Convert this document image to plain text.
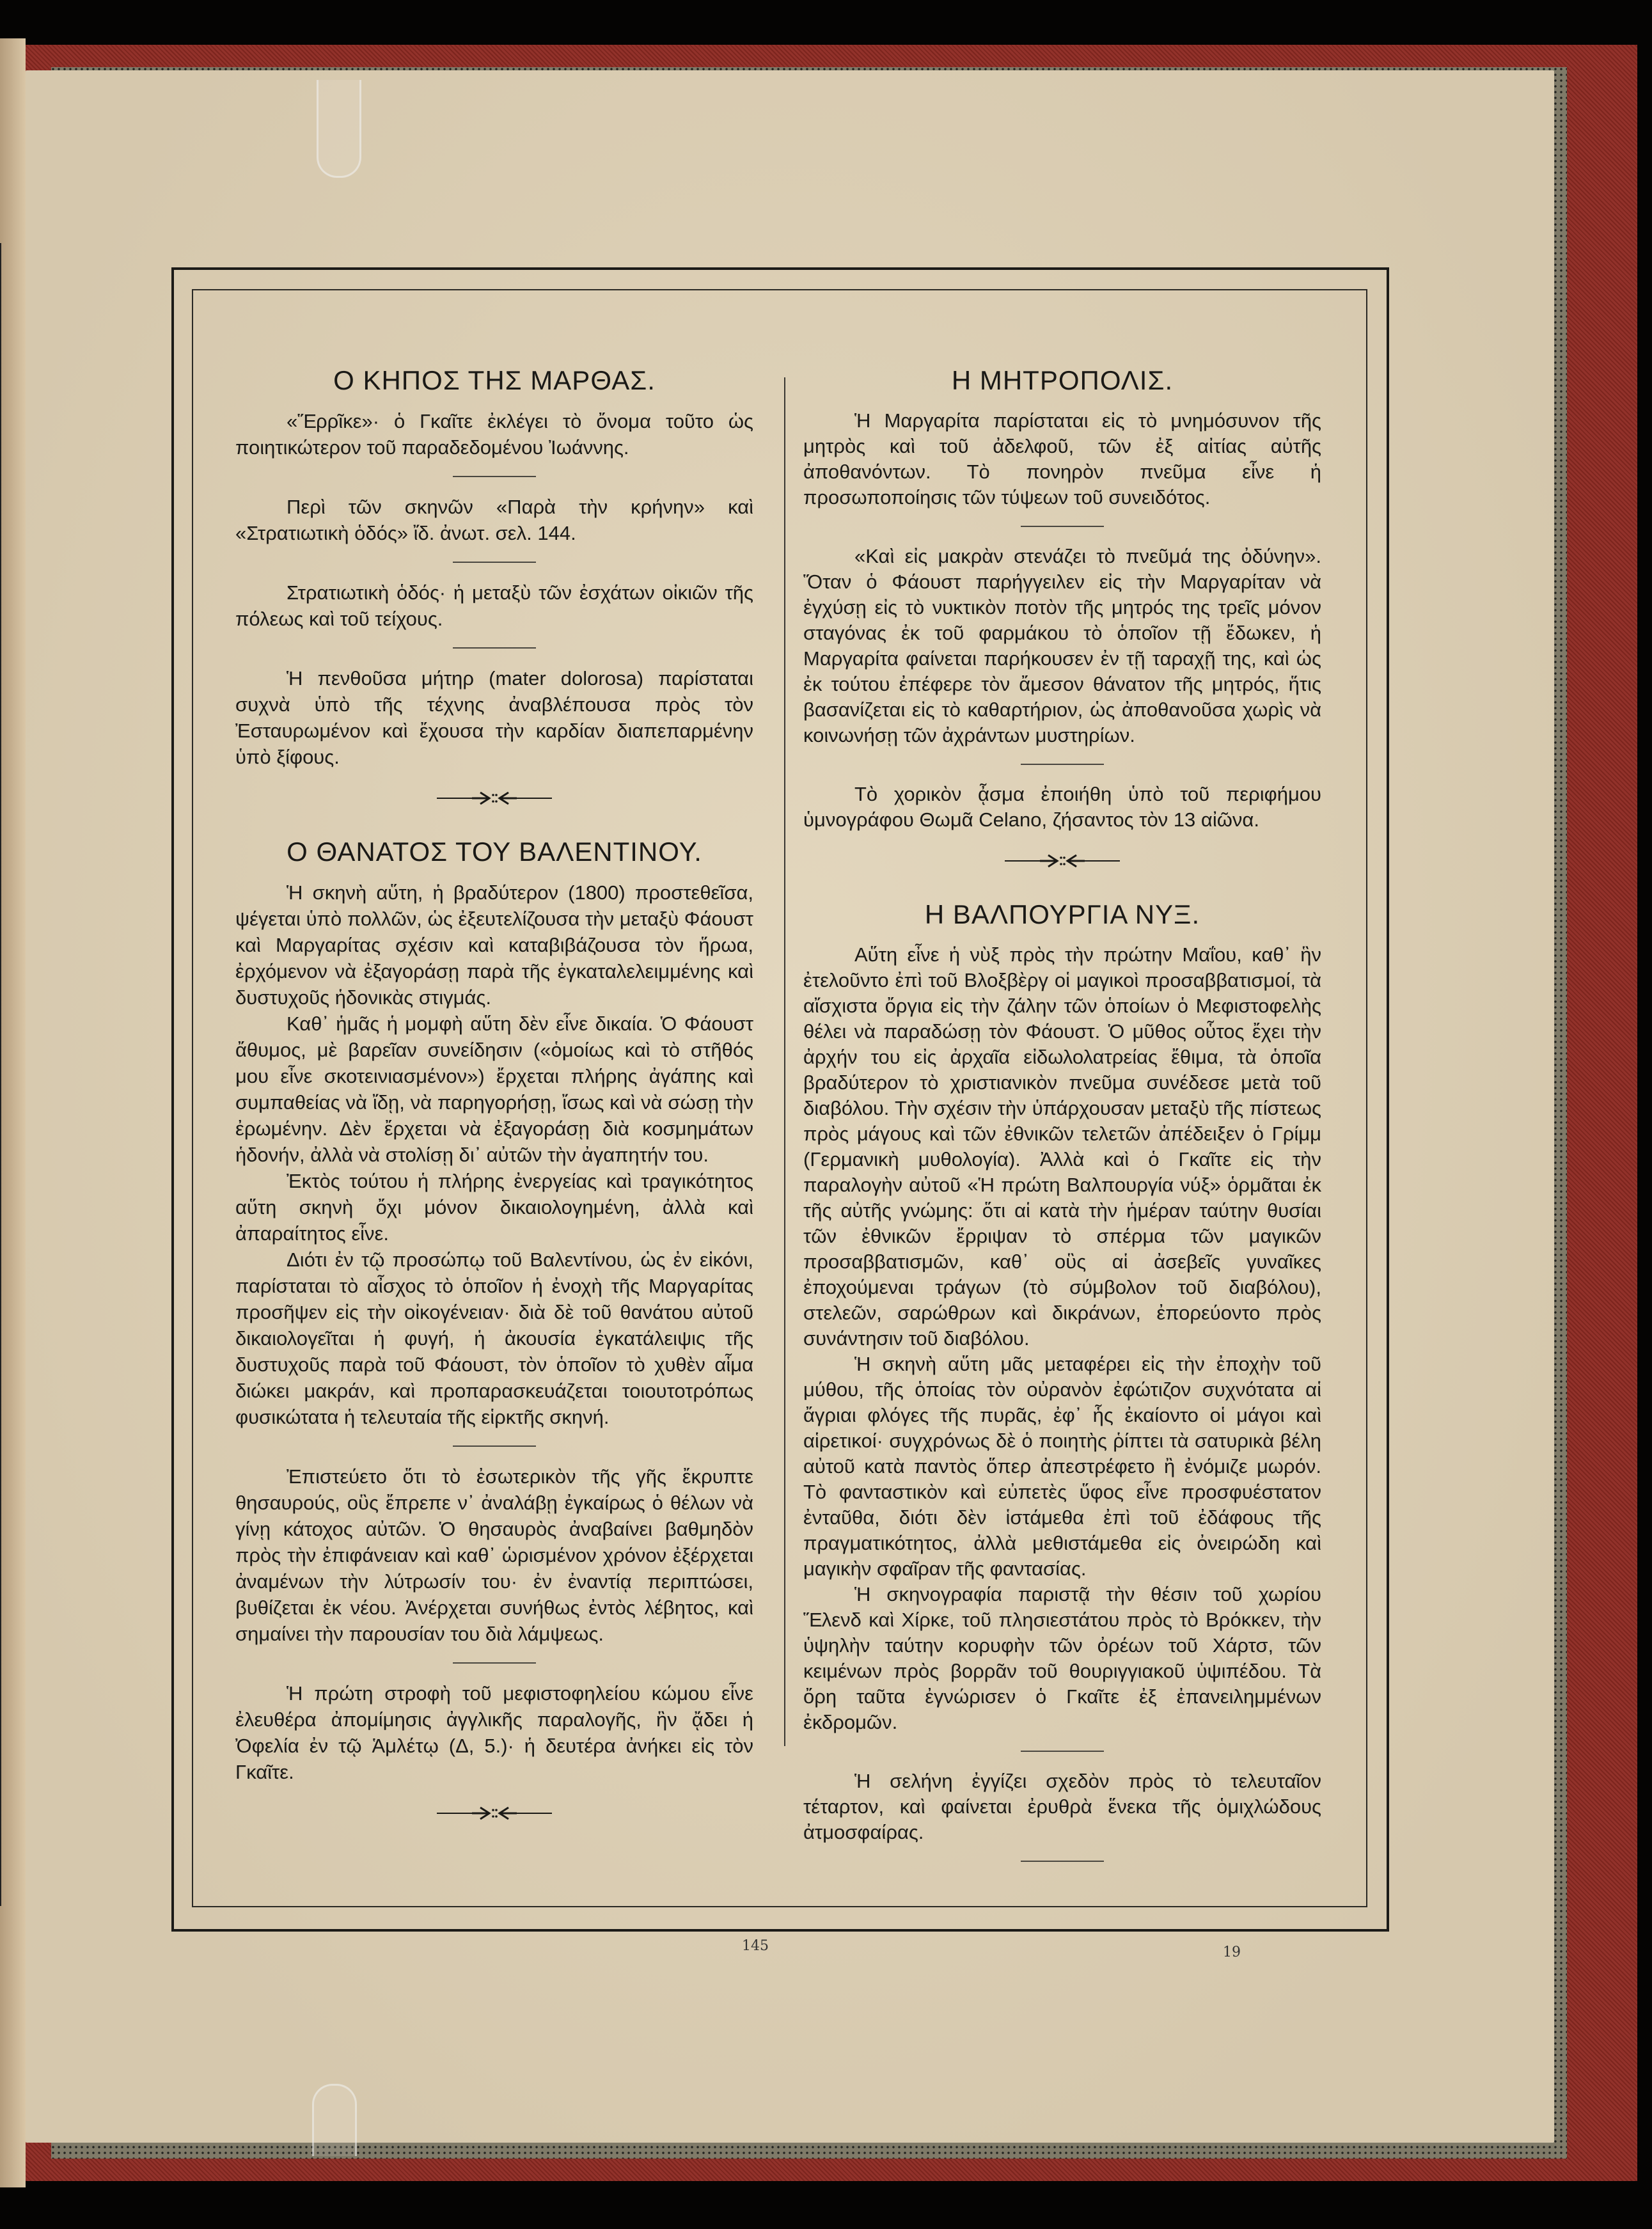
Ο ΚΗΠΟΣ ΤΗΣ ΜΑΡΘΑΣ.

«Ἕρρῖκε»· ὁ Γκαῖτε ἐκλέγει τὸ ὄνομα τοῦτο ὡς ποιητικώτερον τοῦ παραδεδομένου Ἰωάννης.

Περὶ τῶν σκηνῶν «Παρὰ τὴν κρήνην» καὶ «Στρατιωτικὴ ὁδός» ἴδ. ἀνωτ. σελ. 144.

Στρατιωτικὴ ὁδός· ἡ μεταξὺ τῶν ἐσχάτων οἰκιῶν τῆς πόλεως καὶ τοῦ τείχους.

Ἡ πενθοῦσα μήτηρ (mater dolorosa) παρίσταται συχνὰ ὑπὸ τῆς τέχνης ἀναβλέπουσα πρὸς τὸν Ἐσταυρωμένον καὶ ἔχουσα τὴν καρδίαν διαπεπαρμένην ὑπὸ ξίφους.

Ο ΘΑΝΑΤΟΣ ΤΟΥ ΒΑΛΕΝΤΙΝΟΥ.

Ἡ σκηνὴ αὕτη, ἡ βραδύτερον (1800) προστεθεῖσα, ψέγεται ὑπὸ πολλῶν, ὡς ἐξευτελίζουσα τὴν μεταξὺ Φάουστ καὶ Μαργαρίτας σχέσιν καὶ καταβιβάζουσα τὸν ἥρωα, ἐρχόμενον νὰ ἐξαγοράσῃ παρὰ τῆς ἐγκαταλελειμμένης καὶ δυστυχοῦς ἡδονικὰς στιγμάς.

Καθ᾽ ἡμᾶς ἡ μομφὴ αὕτη δὲν εἶνε δικαία. Ὁ Φάουστ ἄθυμος, μὲ βαρεῖαν συνείδησιν («ὁμοίως καὶ τὸ στῆθός μου εἶνε σκοτεινιασμένον») ἔρχεται πλήρης ἀγάπης καὶ συμπαθείας νὰ ἴδῃ, νὰ παρηγορήσῃ, ἴσως καὶ νὰ σώσῃ τὴν ἐρωμένην. Δὲν ἔρχεται νὰ ἐξαγοράσῃ διὰ κοσμημάτων ἡδονήν, ἀλλὰ νὰ στολίσῃ δι᾽ αὐτῶν τὴν ἀγαπητήν του.

Ἐκτὸς τούτου ἡ πλήρης ἐνεργείας καὶ τραγικότητος αὕτη σκηνὴ ὄχι μόνον δικαιολογημένη, ἀλλὰ καὶ ἀπαραίτητος εἶνε.

Διότι ἐν τῷ προσώπῳ τοῦ Βαλεντίνου, ὡς ἐν εἰκόνι, παρίσταται τὸ αἶσχος τὸ ὁποῖον ἡ ἐνοχὴ τῆς Μαργαρίτας προσῆψεν εἰς τὴν οἰκογένειαν· διὰ δὲ τοῦ θανάτου αὐτοῦ δικαιολογεῖται ἡ φυγή, ἡ ἀκουσία ἐγκατάλειψις τῆς δυστυχοῦς παρὰ τοῦ Φάουστ, τὸν ὁποῖον τὸ χυθὲν αἷμα διώκει μακράν, καὶ προπαρασκευάζεται τοιουτοτρόπως φυσικώτατα ἡ τελευταία τῆς εἱρκτῆς σκηνή.

Ἐπιστεύετο ὅτι τὸ ἐσωτερικὸν τῆς γῆς ἔκρυπτε θησαυρούς, οὓς ἔπρεπε ν᾽ ἀναλάβῃ ἐγκαίρως ὁ θέλων νὰ γίνῃ κάτοχος αὐτῶν. Ὁ θησαυρὸς ἀναβαίνει βαθμηδὸν πρὸς τὴν ἐπιφάνειαν καὶ καθ᾽ ὡρισμένον χρόνον ἐξέρχεται ἀναμένων τὴν λύτρωσίν του· ἐν ἐναντίᾳ περιπτώσει, βυθίζεται ἐκ νέου. Ἀνέρχεται συνήθως ἐντὸς λέβητος, καὶ σημαίνει τὴν παρουσίαν του διὰ λάμψεως.

Ἡ πρώτη στροφὴ τοῦ μεφιστοφηλείου κώμου εἶνε ἐλευθέρα ἀπομίμησις ἀγγλικῆς παραλογῆς, ἣν ᾄδει ἡ Ὀφελία ἐν τῷ Ἁμλέτῳ (Δ, 5.)· ἡ δευτέρα ἀνήκει εἰς τὸν Γκαῖτε.

Η ΜΗΤΡΟΠΟΛΙΣ.

Ἡ Μαργαρίτα παρίσταται εἰς τὸ μνημόσυνον τῆς μητρὸς καὶ τοῦ ἀδελφοῦ, τῶν ἐξ αἰτίας αὐτῆς ἀποθανόντων. Τὸ πονηρὸν πνεῦμα εἶνε ἡ προσωποποίησις τῶν τύψεων τοῦ συνειδότος.

«Καὶ εἰς μακρὰν στενάζει τὸ πνεῦμά της ὀδύνην». Ὅταν ὁ Φάουστ παρήγγειλεν εἰς τὴν Μαργαρίταν νὰ ἐγχύσῃ εἰς τὸ νυκτικὸν ποτὸν τῆς μητρός της τρεῖς μόνον σταγόνας ἐκ τοῦ φαρμάκου τὸ ὁποῖον τῇ ἔδωκεν, ἡ Μαργαρίτα φαίνεται παρήκουσεν ἐν τῇ ταραχῇ της, καὶ ὡς ἐκ τούτου ἐπέφερε τὸν ἄμεσον θάνατον τῆς μητρός, ἥτις βασανίζεται εἰς τὸ καθαρτήριον, ὡς ἀποθανοῦσα χωρὶς νὰ κοινωνήσῃ τῶν ἀχράντων μυστηρίων.

Τὸ χορικὸν ᾆσμα ἐποιήθη ὑπὸ τοῦ περιφήμου ὑμνογράφου Θωμᾶ Celano, ζήσαντος τὸν 13 αἰῶνα.

Η ΒΑΛΠΟΥΡΓΙΑ ΝΥΞ.

Αὕτη εἶνε ἡ νὺξ πρὸς τὴν πρώτην Μαΐου, καθ᾽ ἣν ἐτελοῦντο ἐπὶ τοῦ Βλοξβὲργ οἱ μαγικοὶ προσαββατισμοί, τὰ αἴσχιστα ὄργια εἰς τὴν ζάλην τῶν ὁποίων ὁ Μεφιστοφελὴς θέλει νὰ παραδώσῃ τὸν Φάουστ. Ὁ μῦθος οὗτος ἔχει τὴν ἀρχήν του εἰς ἀρχαῖα εἰδωλολατρείας ἔθιμα, τὰ ὁποῖα βραδύτερον τὸ χριστιανικὸν πνεῦμα συνέδεσε μετὰ τοῦ διαβόλου. Τὴν σχέσιν τὴν ὑπάρχουσαν μεταξὺ τῆς πίστεως πρὸς μάγους καὶ τῶν ἐθνικῶν τελετῶν ἀπέδειξεν ὁ Γρίμμ (Γερμανικὴ μυθολογία). Ἀλλὰ καὶ ὁ Γκαῖτε εἰς τὴν παραλογὴν αὐτοῦ «Ἡ πρώτη Βαλπουργία νύξ» ὁρμᾶται ἐκ τῆς αὐτῆς γνώμης: ὅτι αἱ κατὰ τὴν ἡμέραν ταύτην θυσίαι τῶν ἐθνικῶν ἔρριψαν τὸ σπέρμα τῶν μαγικῶν προσαββατισμῶν, καθ᾽ οὓς αἱ ἀσεβεῖς γυναῖκες ἐποχούμεναι τράγων (τὸ σύμβολον τοῦ διαβόλου), στελεῶν, σαρώθρων καὶ δικράνων, ἐπορεύοντο πρὸς συνάντησιν τοῦ διαβόλου.

Ἡ σκηνὴ αὕτη μᾶς μεταφέρει εἰς τὴν ἐποχὴν τοῦ μύθου, τῆς ὁποίας τὸν οὐρανὸν ἐφώτιζον συχνότατα αἱ ἄγριαι φλόγες τῆς πυρᾶς, ἐφ᾽ ἧς ἐκαίοντο οἱ μάγοι καὶ αἱρετικοί· συγχρόνως δὲ ὁ ποιητὴς ῥίπτει τὰ σατυρικὰ βέλη αὐτοῦ κατὰ παντὸς ὅπερ ἀπεστρέφετο ἢ ἐνόμιζε μωρόν. Τὸ φανταστικὸν καὶ εὐπετὲς ὕφος εἶνε προσφυέστατον ἐνταῦθα, διότι δὲν ἱστάμεθα ἐπὶ τοῦ ἐδάφους τῆς πραγματικότητος, ἀλλὰ μεθιστάμεθα εἰς ὀνειρώδη καὶ μαγικὴν σφαῖραν τῆς φαντασίας.

Ἡ σκηνογραφία παριστᾷ τὴν θέσιν τοῦ χωρίου Ἕλενδ καὶ Χίρκε, τοῦ πλησιεστάτου πρὸς τὸ Βρόκκεν, τὴν ὑψηλὴν ταύτην κορυφὴν τῶν ὀρέων τοῦ Χάρτσ, τῶν κειμένων πρὸς βορρᾶν τοῦ θουριγγιακοῦ ὑψιπέδου. Τὰ ὄρη ταῦτα ἐγνώρισεν ὁ Γκαῖτε ἐξ ἐπανειλημμένων ἐκδρομῶν.

Ἡ σελήνη ἐγγίζει σχεδὸν πρὸς τὸ τελευταῖον τέταρτον, καὶ φαίνεται ἐρυθρὰ ἕνεκα τῆς ὁμιχλώδους ἀτμοσφαίρας.

145	19
